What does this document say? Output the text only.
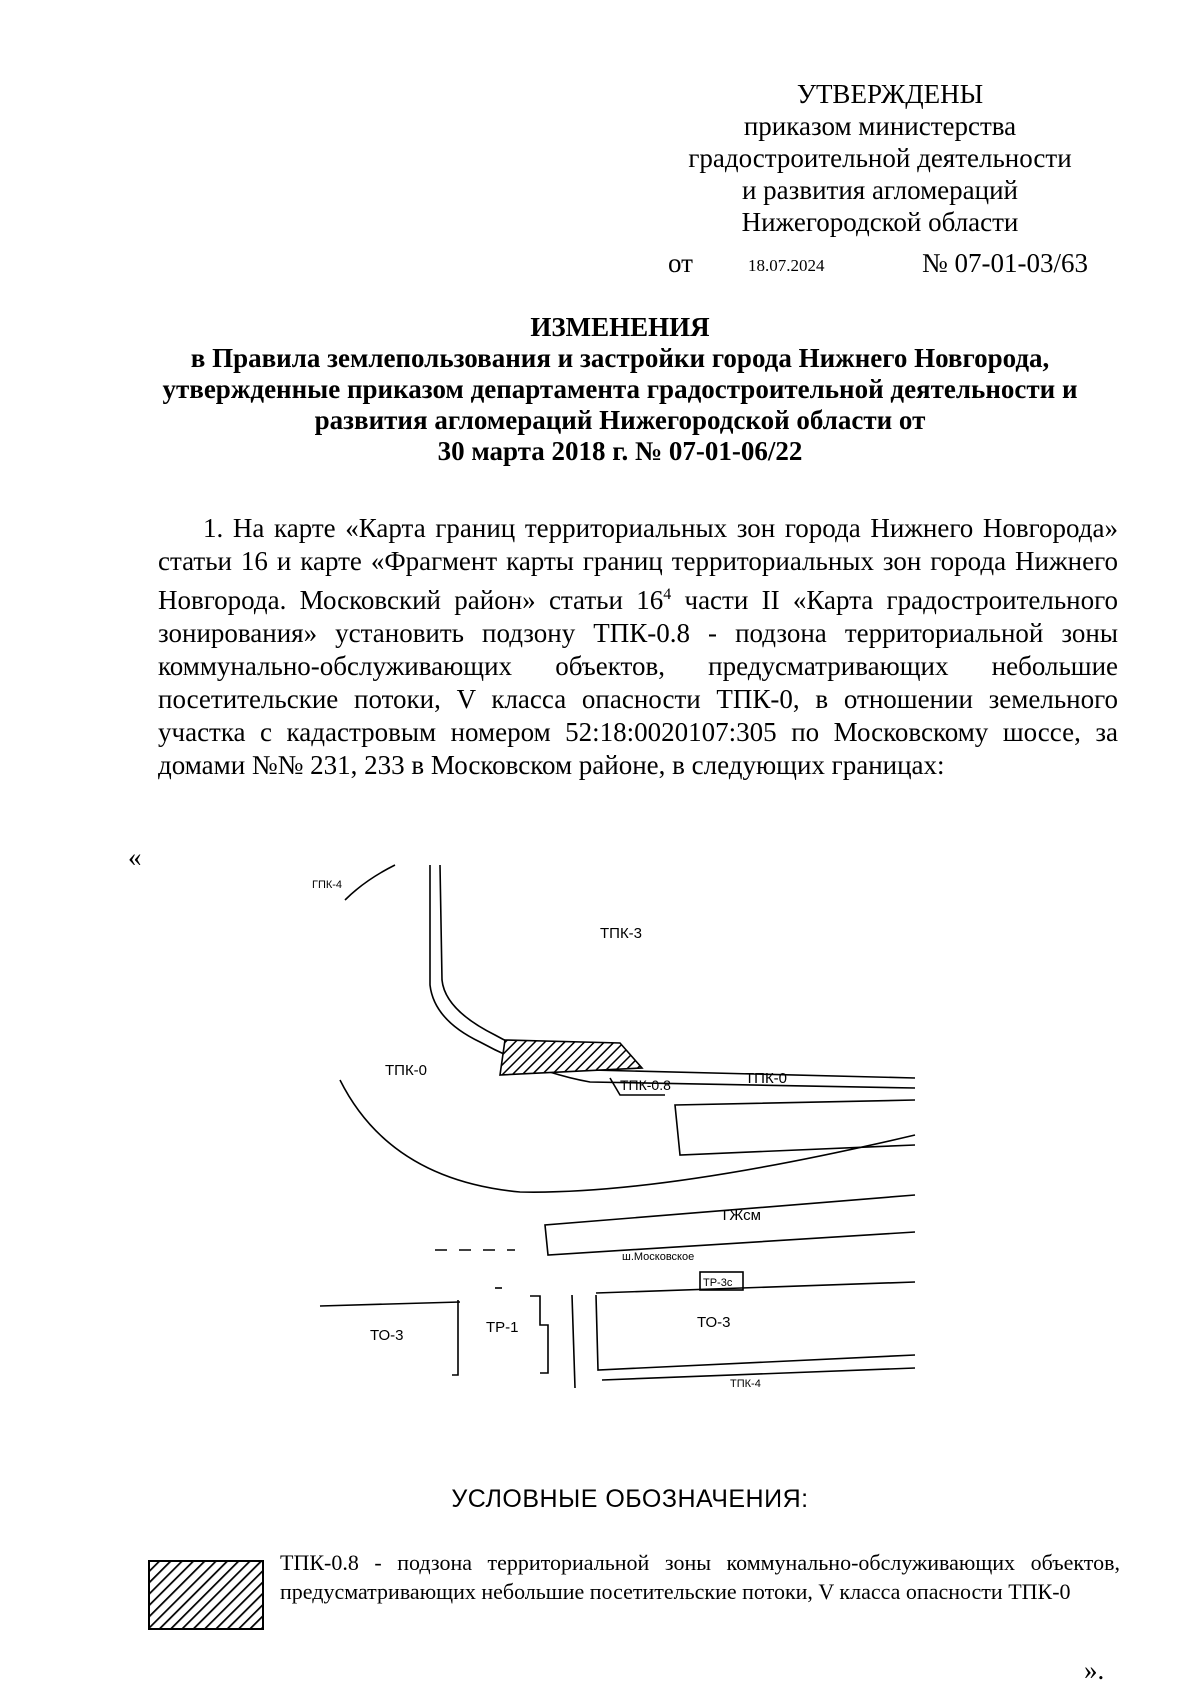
УТВЕРЖДЕНЫ
приказом министерства
градостроительной деятельности
и развития агломераций
Нижегородской области
от	18.07.2024	№ 07-01-03/63
ИЗМЕНЕНИЯ
в Правила землепользования и застройки города Нижнего Новгорода,
утвержденные приказом департамента градостроительной деятельности и
развития агломераций Нижегородской области от
30 марта 2018 г. № 07-01-06/22

1. На карте «Карта границ территориальных зон города Нижнего Новгорода» статьи 16 и карте «Фрагмент карты границ территориальных зон города Нижнего Новгорода. Московский район» статьи $16^4$ части II «Карта градостроительного зонирования» установить подзону ТПК-0.8 - подзона территориальной зоны коммунально-обслуживающих объектов, предусматривающих небольшие посетительские потоки, V класса опасности ТПК-0, в отношении земельного участка с кадастровым номером 52:18:0020107:305 по Московскому шоссе, за домами №№ 231, 233 в Московском районе, в следующих границах:

«
ГПК-4
ТПК-3
ТПК-0	ТПК-0
ТПК-0.8
ТЖсм
ш.Московское
ТР-3с
ТО-3	ТР-1	ТО-3
ТПК-4
УСЛОВНЫЕ ОБОЗНАЧЕНИЯ:
ТПК-0.8 - подзона территориальной зоны коммунально-обслуживающих объектов, предусматривающих небольшие посетительские потоки, V класса опасности ТПК-0
».
